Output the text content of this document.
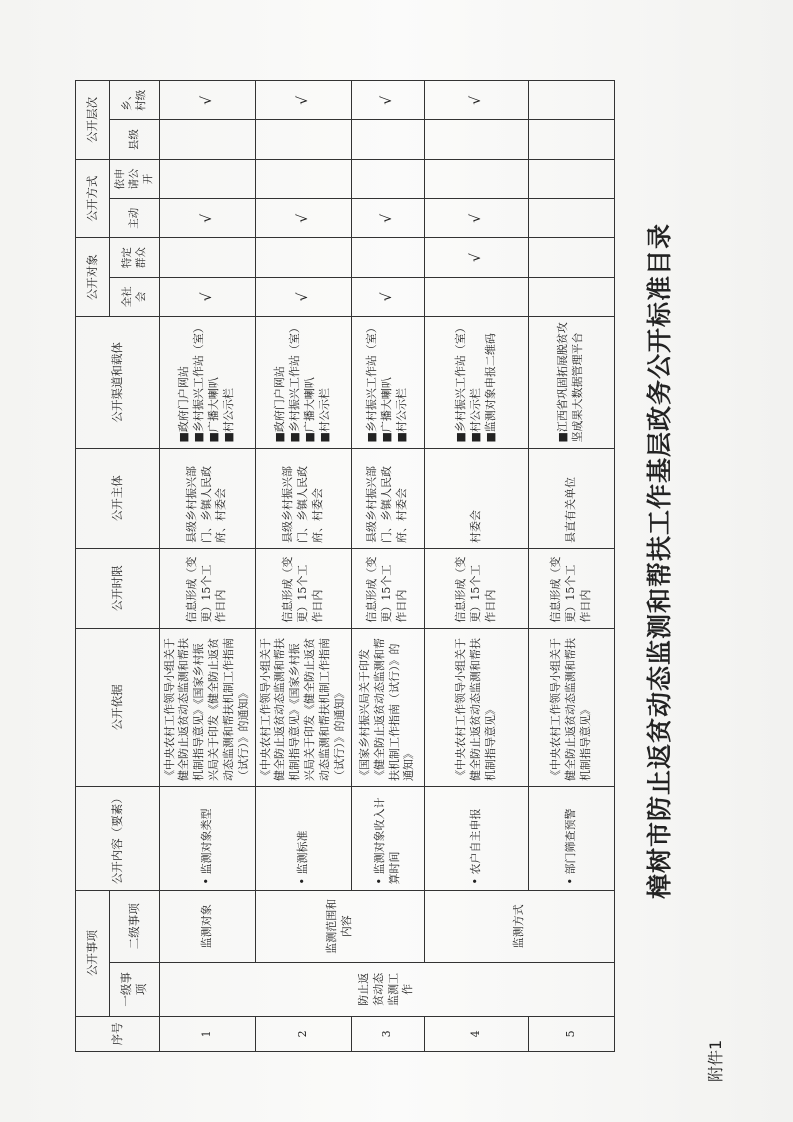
附件1
樟树市防止返贫动态监测和帮扶工作基层政务公开标准目录
序号	公开事项		公开内容（要素）	公开依据	公开时限	公开主体	公开渠道和载体	公开对象		公开方式		公开层次	
	一级事项	二级事项						全社会	特定群众	主动	依申请公开	县级	乡、村级
1	防止返贫动态监测工作	监测对象	• 监测对象类型	《中央农村工作领导小组关于健全防止返贫动态监测和帮扶机制指导意见》《国家乡村振兴局关于印发《健全防止返贫动态监测和帮扶机制工作指南（试行）》的通知》	信息形成（变更）15个工作日内	县级乡村振兴部门、乡镇人民政府、村委会	■政府门户网站 ■乡村振兴工作站（室） ■广播大喇叭 ■村公示栏	√		√			√
2		监测范围和内容	• 监测标准	《中央农村工作领导小组关于健全防止返贫动态监测和帮扶机制指导意见》《国家乡村振兴局关于印发《健全防止返贫动态监测和帮扶机制工作指南（试行）》的通知》	信息形成（变更）15个工作日内	县级乡村振兴部门、乡镇人民政府、村委会	■政府门户网站 ■乡村振兴工作站（室） ■广播大喇叭 ■村公示栏	√		√			√
3			• 监测对象收入计算时间	《国家乡村振兴局关于印发《健全防止返贫动态监测和帮扶机制工作指南（试行）》的通知》	信息形成（变更）15个工作日内	县级乡村振兴部门、乡镇人民政府、村委会	■乡村振兴工作站（室） ■广播大喇叭 ■村公示栏	√		√			√
4		监测方式	• 农户自主申报	《中央农村工作领导小组关于健全防止返贫动态监测和帮扶机制指导意见》	信息形成（变更）15个工作日内	村委会	■乡村振兴工作站（室） ■村公示栏 ■监测对象申报二维码		√	√			√
5			• 部门筛查预警	《中央农村工作领导小组关于健全防止返贫动态监测和帮扶机制指导意见》	信息形成（变更）15个工作日内	县直有关单位	■江西省巩固拓展脱贫攻坚成果大数据管理平台						
